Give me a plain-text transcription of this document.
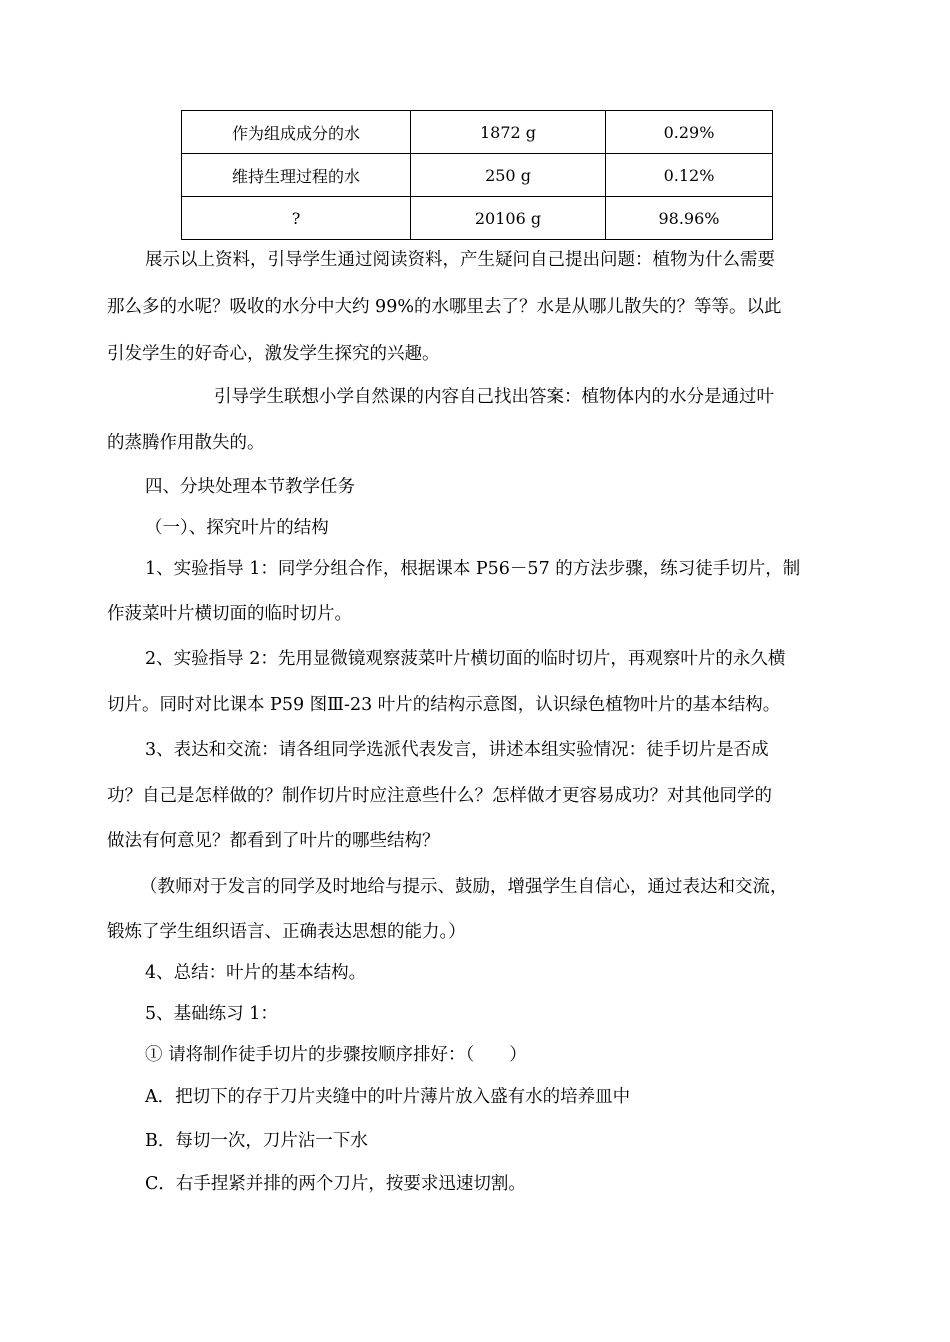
作为组成成分的水	1872 g	0.29%
维持生理过程的水	250 g	0.12%
?	20106 g	98.96%
展示以上资料，引导学生通过阅读资料，产生疑问自己提出问题：植物为什么需要
那么多的水呢？吸收的水分中大约 99%的水哪里去了？水是从哪儿散失的？等等。以此
引发学生的好奇心，激发学生探究的兴趣。
引导学生联想小学自然课的内容自己找出答案：植物体内的水分是通过叶
的蒸腾作用散失的。
四、分块处理本节教学任务
（一）、探究叶片的结构
1、实验指导 1：同学分组合作，根据课本 P56－57 的方法步骤，练习徒手切片，制
作菠菜叶片横切面的临时切片。
2、实验指导 2：先用显微镜观察菠菜叶片横切面的临时切片，再观察叶片的永久横
切片。同时对比课本 P59 图Ⅲ-23 叶片的结构示意图，认识绿色植物叶片的基本结构。
3、表达和交流：请各组同学选派代表发言，讲述本组实验情况：徒手切片是否成
功？自己是怎样做的？制作切片时应注意些什么？怎样做才更容易成功？对其他同学的
做法有何意见？都看到了叶片的哪些结构？
（教师对于发言的同学及时地给与提示、鼓励，增强学生自信心，通过表达和交流，
锻炼了学生组织语言、正确表达思想的能力。）
4、总结：叶片的基本结构。
5、基础练习 1：
① 请将制作徒手切片的步骤按顺序排好：（　　）
A．把切下的存于刀片夹缝中的叶片薄片放入盛有水的培养皿中
B．每切一次，刀片沾一下水
C．右手捏紧并排的两个刀片，按要求迅速切割。
